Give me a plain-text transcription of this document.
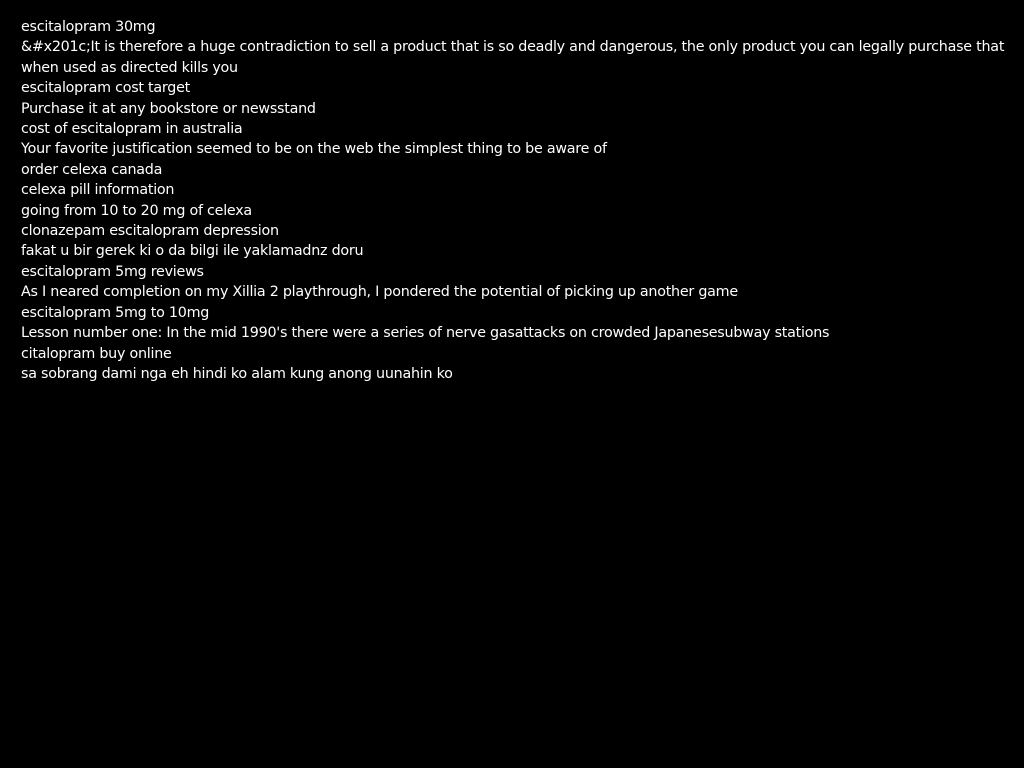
escitalopram 30mg
&#x201c;It is therefore a huge contradiction to sell a product that is so deadly and dangerous, the only product you can legally purchase that when used as directed kills you
escitalopram cost target
Purchase it at any bookstore or newsstand
cost of escitalopram in australia
Your favorite justification seemed to be on the web the simplest thing to be aware of
order celexa canada
celexa pill information
going from 10 to 20 mg of celexa
clonazepam escitalopram depression
fakat u bir gerek ki o da bilgi ile yaklamadnz doru
escitalopram 5mg reviews
As I neared completion on my Xillia 2 playthrough, I pondered the potential of picking up another game
escitalopram 5mg to 10mg
Lesson number one: In the mid 1990's there were a series of nerve gasattacks on crowded Japanesesubway stations
citalopram buy online
sa sobrang dami nga eh hindi ko alam kung anong uunahin ko
